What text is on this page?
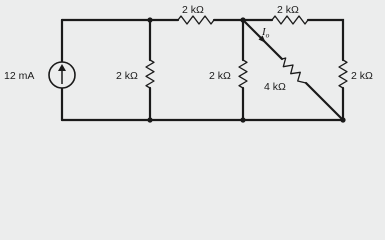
12 mA
2 kΩ	2 kΩ
2 kΩ	2 kΩ	2 kΩ
4 kΩ
$I_o$
